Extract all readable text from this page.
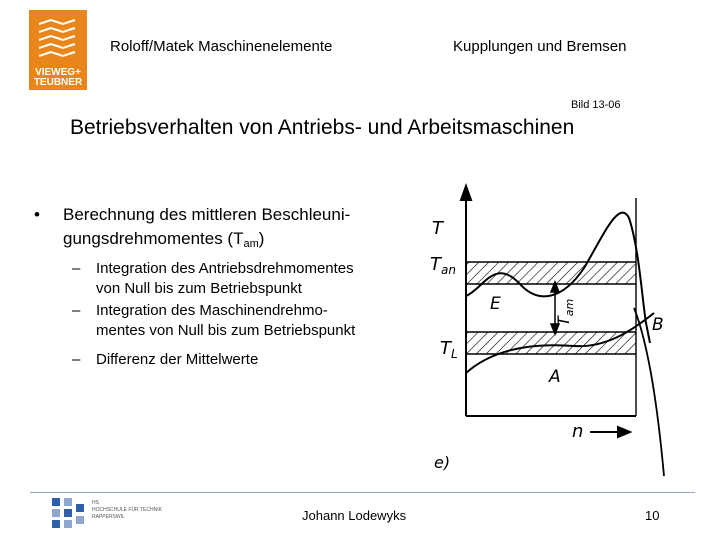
VIEWEG+
TEUBNER
Roloff/Matek Maschinenelemente	Kupplungen und Bremsen
Bild 13-06
Betriebsverhalten von Antriebs- und Arbeitsmaschinen
• Berechnung des mittleren Beschleuni-
gungsdrehmomentes $(T_{am})$
– Integration des Antriebsdrehmomentes
von Null bis zum Betriebspunkt
– Integration des Maschinendrehmo-
mentes von Null bis zum Betriebspunkt
– Differenz der Mittelwerte
T
$T_{an}$
$T_L$
$T_{am}$
E
A
B
n
e)
HS
HOCHSCHULE FÜR TECHNIK
RAPPERSWIL	Johann Lodewyks	10
